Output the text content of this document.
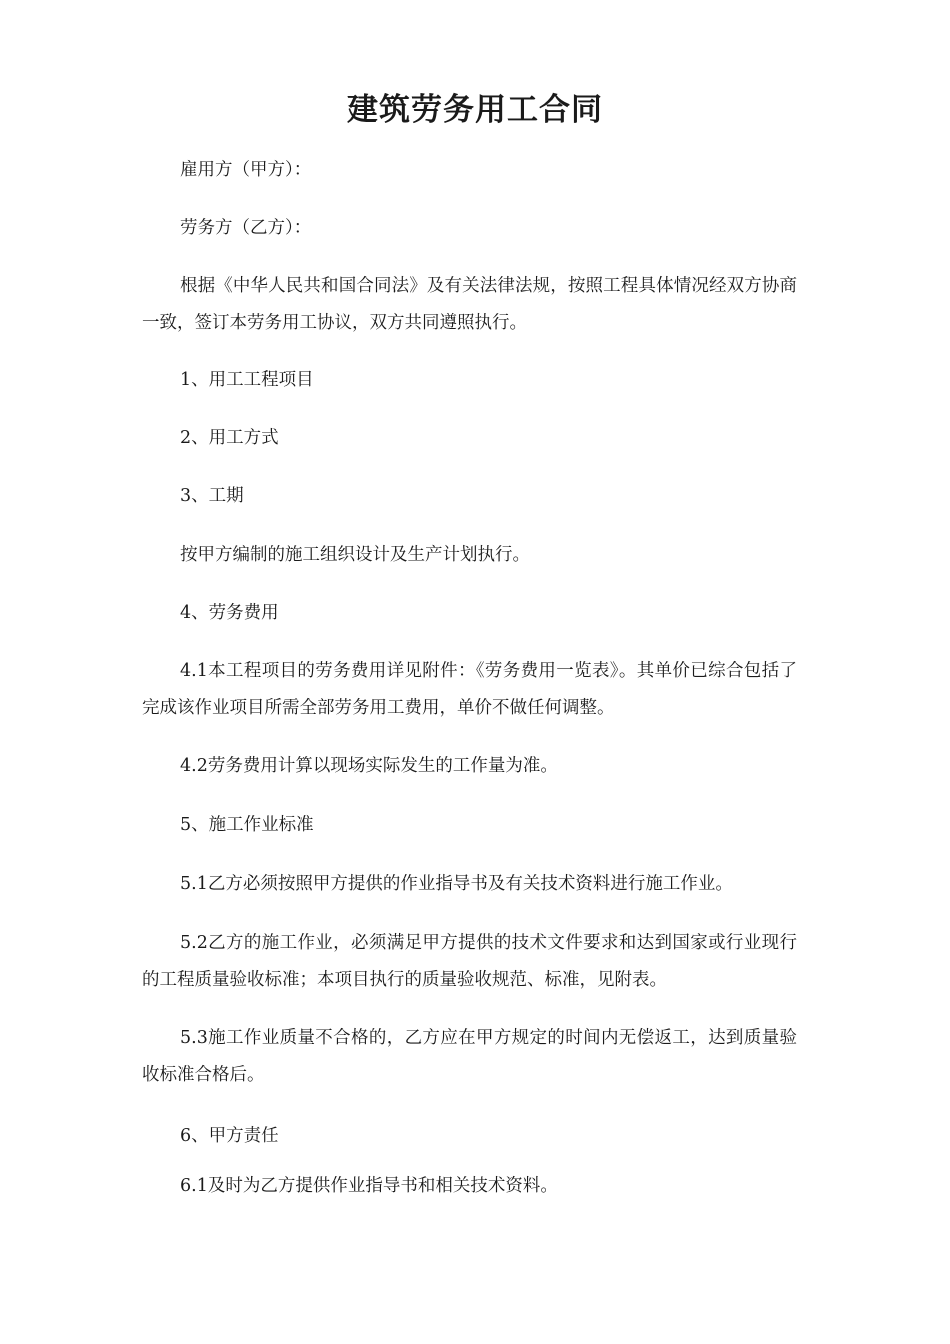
建筑劳务用工合同

雇用方（甲方）：

劳务方（乙方）：

根据《中华人民共和国合同法》及有关法律法规，按照工程具体情况经双方协商一致，签订本劳务用工协议，双方共同遵照执行。

1、用工工程项目

2、用工方式

3、工期

按甲方编制的施工组织设计及生产计划执行。

4、劳务费用

4.1本工程项目的劳务费用详见附件：《劳务费用一览表》。其单价已综合包括了完成该作业项目所需全部劳务用工费用，单价不做任何调整。

4.2劳务费用计算以现场实际发生的工作量为准。

5、施工作业标准

5.1乙方必须按照甲方提供的作业指导书及有关技术资料进行施工作业。

5.2乙方的施工作业，必须满足甲方提供的技术文件要求和达到国家或行业现行的工程质量验收标准；本项目执行的质量验收规范、标准，见附表。

5.3施工作业质量不合格的，乙方应在甲方规定的时间内无偿返工，达到质量验收标准合格后。

6、甲方责任

6.1及时为乙方提供作业指导书和相关技术资料。
